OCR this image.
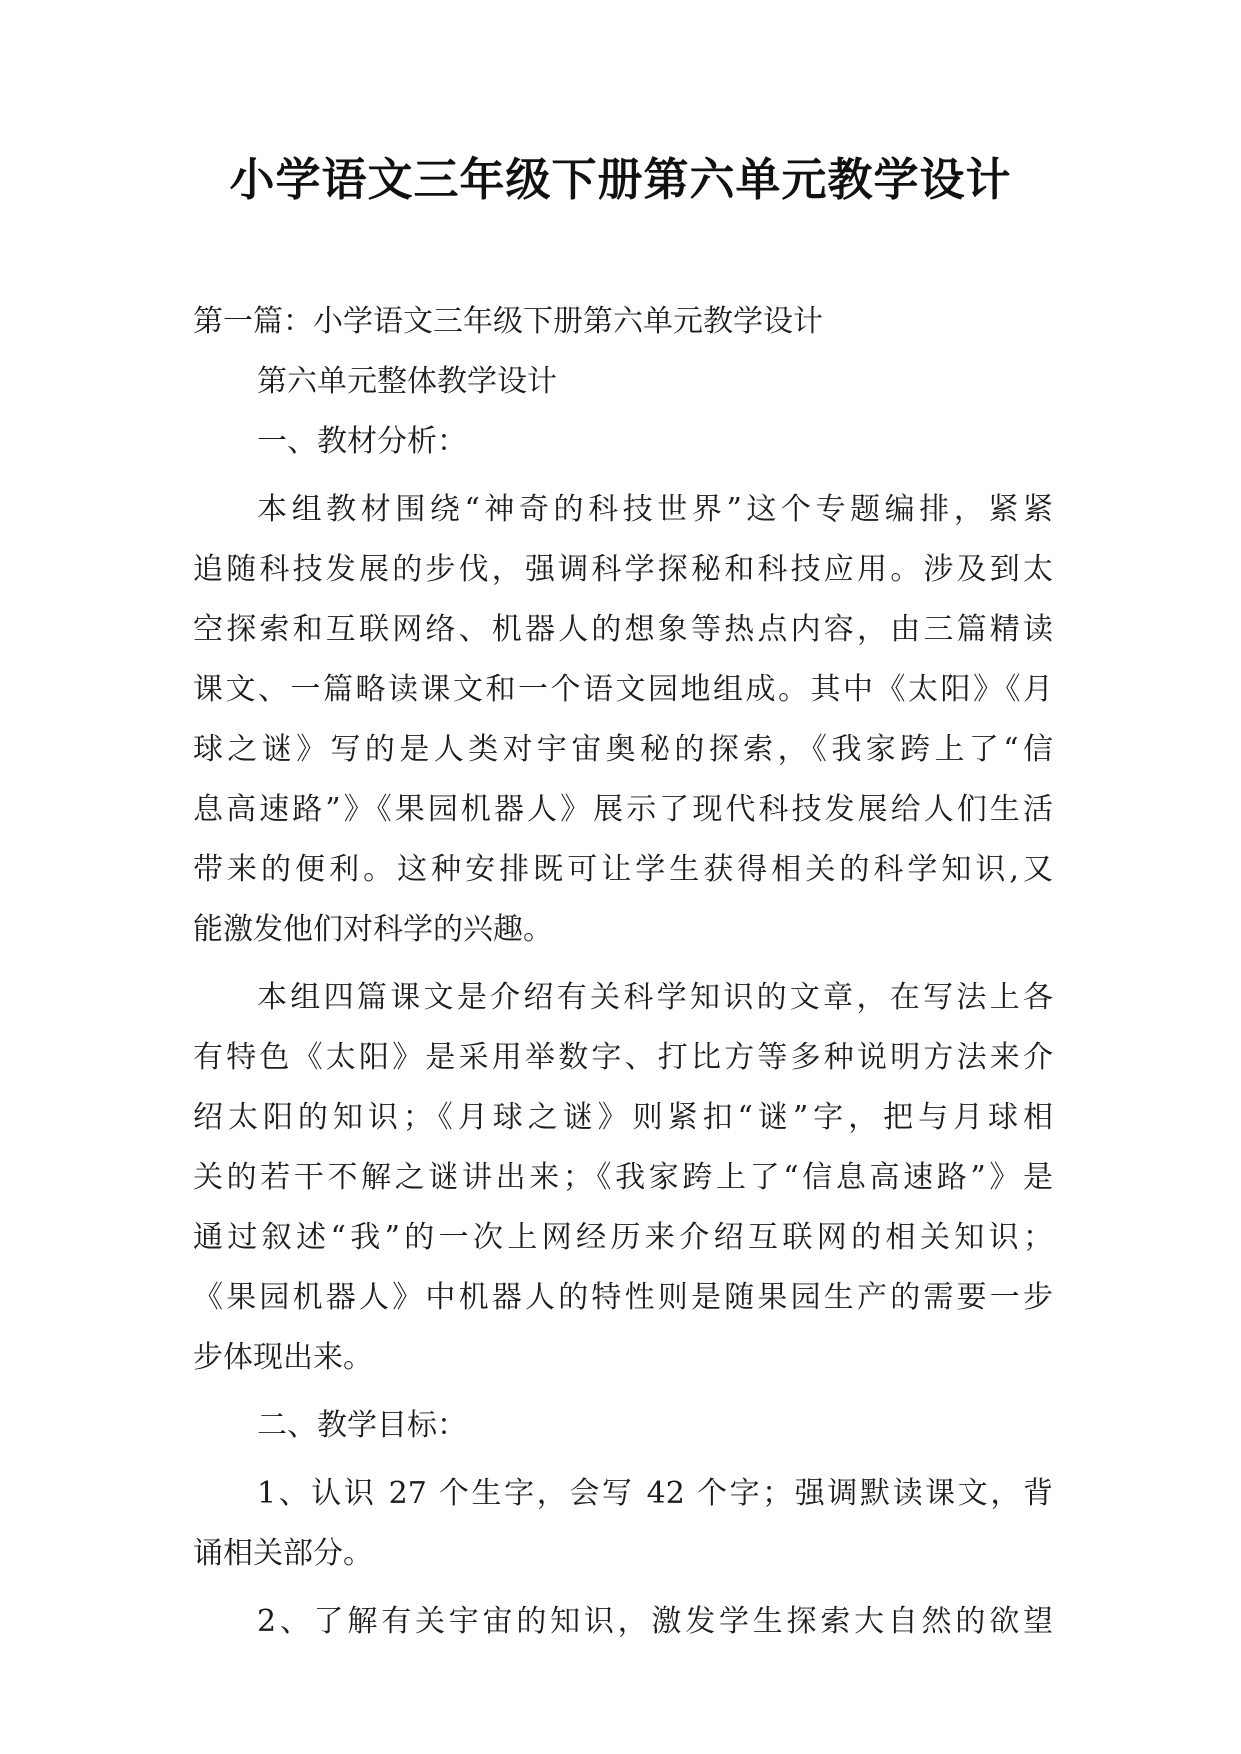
小学语文三年级下册第六单元教学设计
第一篇：小学语文三年级下册第六单元教学设计
第六单元整体教学设计
一、教材分析：
本组教材围绕“神奇的科技世界”这个专题编排，紧紧
追随科技发展的步伐，强调科学探秘和科技应用。涉及到太
空探索和互联网络、机器人的想象等热点内容，由三篇精读
课文、一篇略读课文和一个语文园地组成。其中《太阳》《月
球之谜》写的是人类对宇宙奥秘的探索，《我家跨上了“信
息高速路”》《果园机器人》展示了现代科技发展给人们生活
带来的便利。这种安排既可让学生获得相关的科学知识,又
能激发他们对科学的兴趣。
本组四篇课文是介绍有关科学知识的文章，在写法上各
有特色《太阳》是采用举数字、打比方等多种说明方法来介
绍太阳的知识；《月球之谜》则紧扣“谜”字，把与月球相
关的若干不解之谜讲出来；《我家跨上了“信息高速路”》是
通过叙述“我”的一次上网经历来介绍互联网的相关知识；
《果园机器人》中机器人的特性则是随果园生产的需要一步
步体现出来。
二、教学目标：
1、认识 27 个生字，会写 42 个字；强调默读课文，背
诵相关部分。
2、了解有关宇宙的知识，激发学生探索大自然的欲望
